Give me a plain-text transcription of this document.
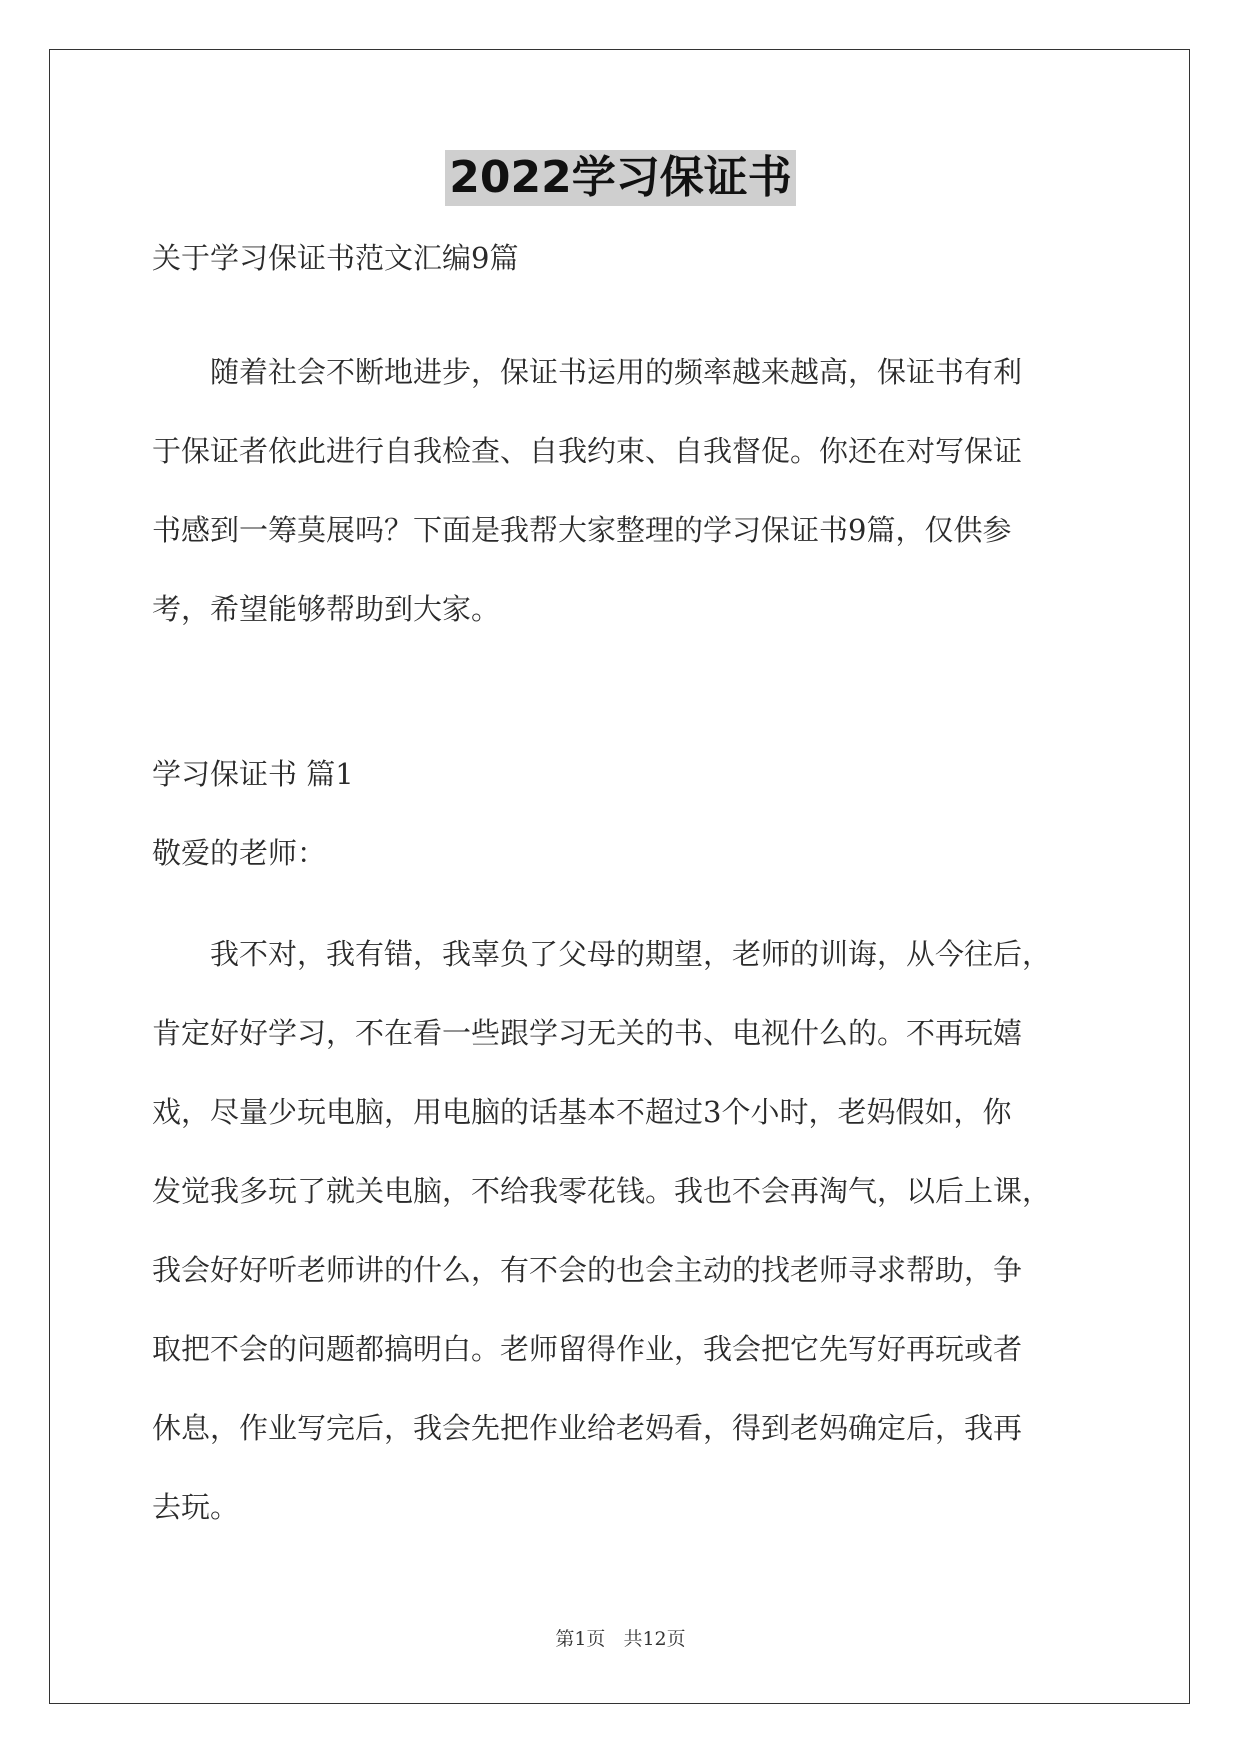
2022学习保证书
关于学习保证书范文汇编9篇
　　随着社会不断地进步，保证书运用的频率越来越高，保证书有利
于保证者依此进行自我检查、自我约束、自我督促。你还在对写保证
书感到一筹莫展吗？下面是我帮大家整理的学习保证书9篇，仅供参
考，希望能够帮助到大家。
学习保证书 篇1
敬爱的老师：
　　我不对，我有错，我辜负了父母的期望，老师的训诲，从今往后，
肯定好好学习，不在看一些跟学习无关的书、电视什么的。不再玩嬉
戏，尽量少玩电脑，用电脑的话基本不超过3个小时，老妈假如，你
发觉我多玩了就关电脑，不给我零花钱。我也不会再淘气，以后上课，
我会好好听老师讲的什么，有不会的也会主动的找老师寻求帮助，争
取把不会的问题都搞明白。老师留得作业，我会把它先写好再玩或者
休息，作业写完后，我会先把作业给老妈看，得到老妈确定后，我再
去玩。
第1页 共12页
